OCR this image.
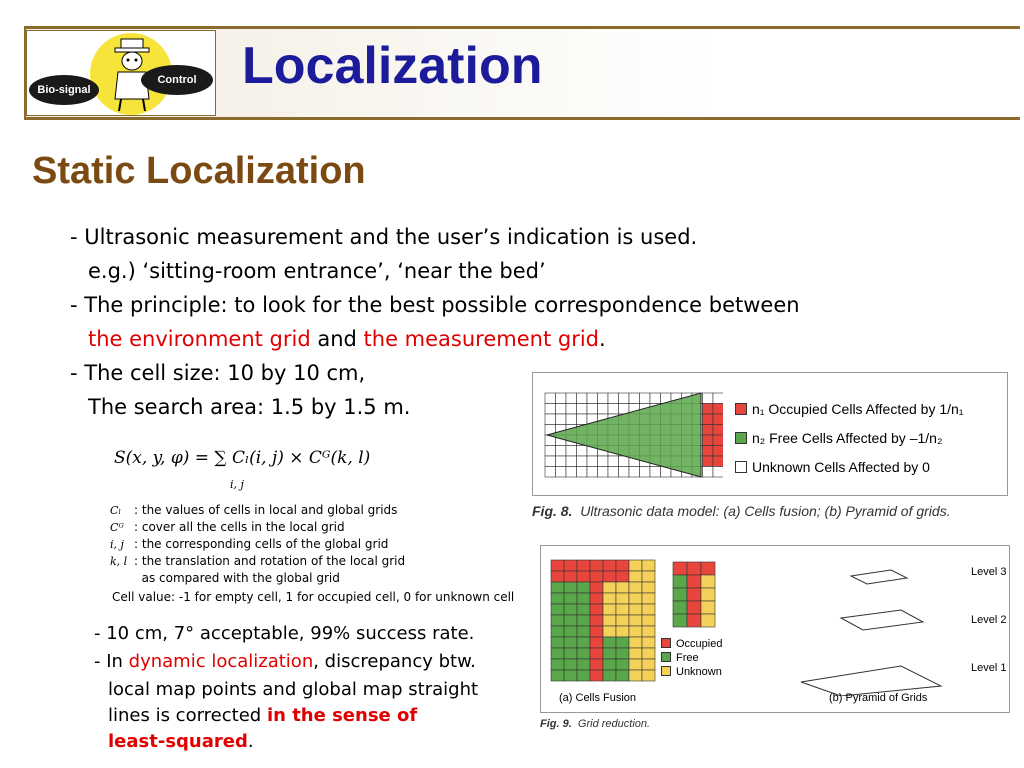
Bio-signal
Control Localization
Static Localization
- Ultrasonic measurement and the user’s indication is used.
e.g.) ‘sitting-room entrance’, ‘near the bed’
- The principle: to look for the best possible correspondence between
the environment grid and the measurement grid.
- The cell size: 10 by 10 cm,
The search area: 1.5 by 1.5 m.
S(x, y, φ) = ∑ Cₗ(i, j) × Cᴳ(k, l)
i, j
Cₗ : the values of cells in local and global grids
Cᴳ : cover all the cells in the local grid
i, j : the corresponding cells of the global grid
k, l : the translation and rotation of the local grid
as compared with the global grid
Cell value: -1 for empty cell, 1 for occupied cell, 0 for unknown cell
- 10 cm, 7° acceptable, 99% success rate.
- In dynamic localization, discrepancy btw.
local map points and global map straight
lines is corrected in the sense of
least-squared.
n₁ Occupied Cells Affected by 1/n₁
n₂ Free Cells Affected by –1/n₂
Unknown Cells Affected by 0
Fig. 8. Ultrasonic data model: (a) Cells fusion; (b) Pyramid of grids.
Occupied
Free
Unknown
(a) Cells Fusion
Level 3
Level 2
Level 1
(b) Pyramid of Grids
Fig. 9. Grid reduction.
